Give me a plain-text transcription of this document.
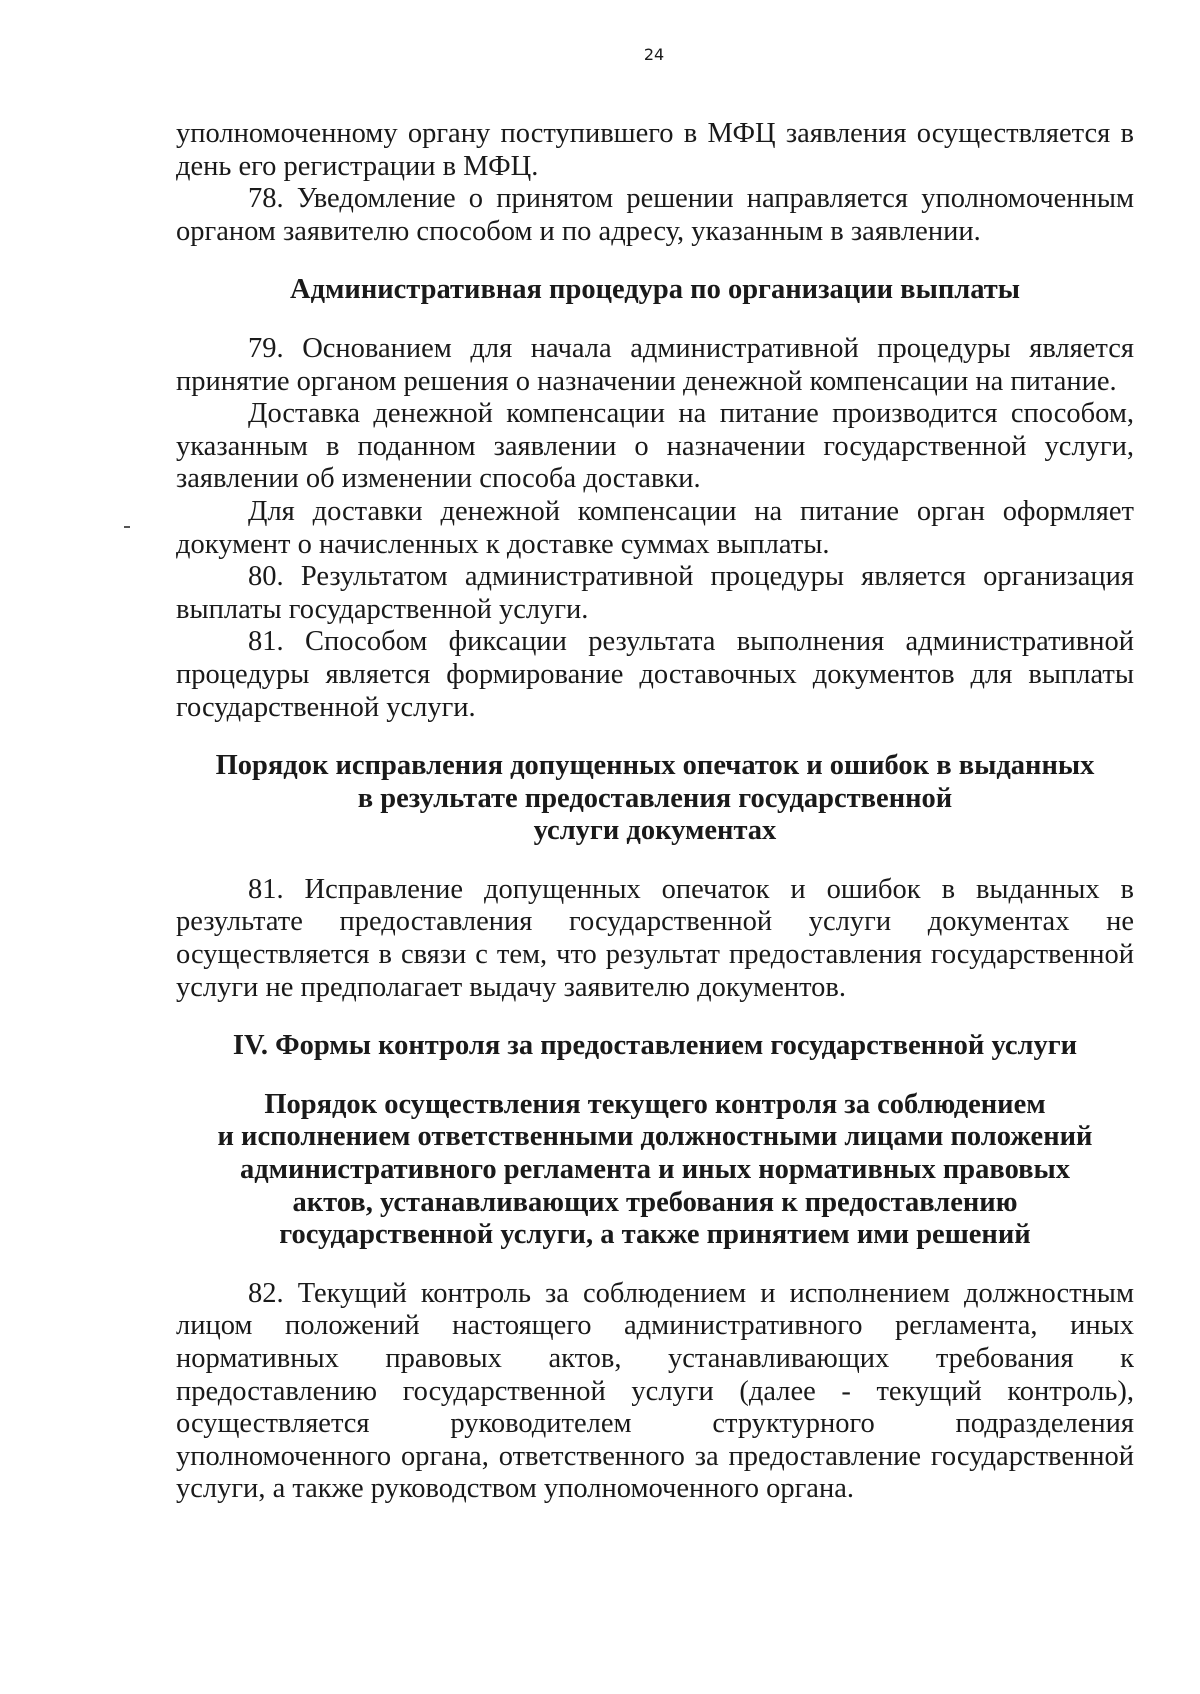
24

уполномоченному органу поступившего в МФЦ заявления осуществляется в день его регистрации в МФЦ.

78. Уведомление о принятом решении направляется уполномоченным органом заявителю способом и по адресу, указанным в заявлении.

Административная процедура по организации выплаты

79. Основанием для начала административной процедуры является принятие органом решения о назначении денежной компенсации на питание.

Доставка денежной компенсации на питание производится способом, указанным в поданном заявлении о назначении государственной услуги, заявлении об изменении способа доставки.

Для доставки денежной компенсации на питание орган оформляет документ о начисленных к доставке суммах выплаты.

80. Результатом административной процедуры является организация выплаты государственной услуги.

81. Способом фиксации результата выполнения административной процедуры является формирование доставочных документов для выплаты государственной услуги.

Порядок исправления допущенных опечаток и ошибок в выданных
в результате предоставления государственной
услуги документах

81. Исправление допущенных опечаток и ошибок в выданных в результате предоставления государственной услуги документах не осуществляется в связи с тем, что результат предоставления государственной услуги не предполагает выдачу заявителю документов.

IV. Формы контроля за предоставлением государственной услуги

Порядок осуществления текущего контроля за соблюдением
и исполнением ответственными должностными лицами положений
административного регламента и иных нормативных правовых
актов, устанавливающих требования к предоставлению
государственной услуги, а также принятием ими решений

82. Текущий контроль за соблюдением и исполнением должностным лицом положений настоящего административного регламента, иных нормативных правовых актов, устанавливающих требования к предоставлению государственной услуги (далее - текущий контроль), осуществляется руководителем структурного подразделения уполномоченного органа, ответственного за предоставление государственной услуги, а также руководством уполномоченного органа.
